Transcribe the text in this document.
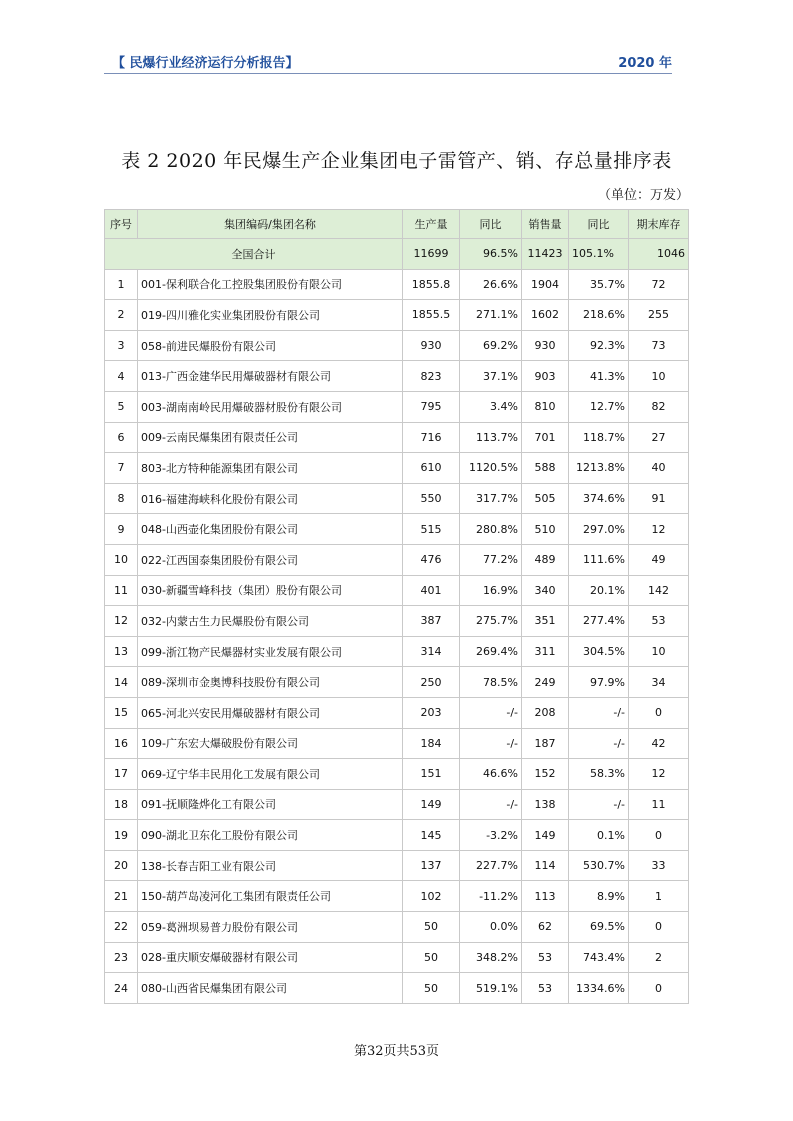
【 民爆行业经济运行分析报告】	2020 年
表 2 2020 年民爆生产企业集团电子雷管产、销、存总量排序表
（单位：万发）
序号	集团编码/集团名称	生产量	同比	销售量	同比	期末库存
全国合计		11699	96.5%	11423	105.1%	1046
1	001-保利联合化工控股集团股份有限公司	1855.8	26.6%	1904	35.7%	72
2	019-四川雅化实业集团股份有限公司	1855.5	271.1%	1602	218.6%	255
3	058-前进民爆股份有限公司	930	69.2%	930	92.3%	73
4	013-广西金建华民用爆破器材有限公司	823	37.1%	903	41.3%	10
5	003-湖南南岭民用爆破器材股份有限公司	795	3.4%	810	12.7%	82
6	009-云南民爆集团有限责任公司	716	113.7%	701	118.7%	27
7	803-北方特种能源集团有限公司	610	1120.5%	588	1213.8%	40
8	016-福建海峡科化股份有限公司	550	317.7%	505	374.6%	91
9	048-山西壶化集团股份有限公司	515	280.8%	510	297.0%	12
10	022-江西国泰集团股份有限公司	476	77.2%	489	111.6%	49
11	030-新疆雪峰科技（集团）股份有限公司	401	16.9%	340	20.1%	142
12	032-内蒙古生力民爆股份有限公司	387	275.7%	351	277.4%	53
13	099-浙江物产民爆器材实业发展有限公司	314	269.4%	311	304.5%	10
14	089-深圳市金奥博科技股份有限公司	250	78.5%	249	97.9%	34
15	065-河北兴安民用爆破器材有限公司	203	-/-	208	-/-	0
16	109-广东宏大爆破股份有限公司	184	-/-	187	-/-	42
17	069-辽宁华丰民用化工发展有限公司	151	46.6%	152	58.3%	12
18	091-抚顺隆烨化工有限公司	149	-/-	138	-/-	11
19	090-湖北卫东化工股份有限公司	145	-3.2%	149	0.1%	0
20	138-长春吉阳工业有限公司	137	227.7%	114	530.7%	33
21	150-葫芦岛凌河化工集团有限责任公司	102	-11.2%	113	8.9%	1
22	059-葛洲坝易普力股份有限公司	50	0.0%	62	69.5%	0
23	028-重庆顺安爆破器材有限公司	50	348.2%	53	743.4%	2
24	080-山西省民爆集团有限公司	50	519.1%	53	1334.6%	0
第32页共53页
